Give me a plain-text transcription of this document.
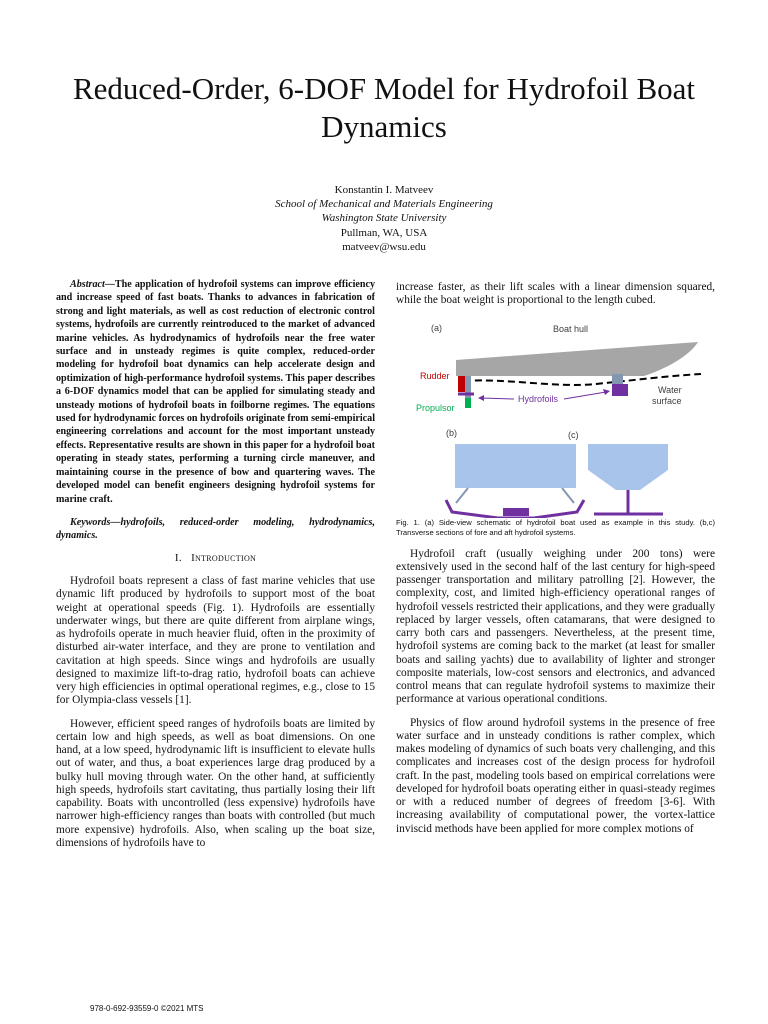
Reduced-Order, 6-DOF Model for Hydrofoil Boat
Dynamics
Konstantin I. Matveev
School of Mechanical and Materials Engineering
Washington State University
Pullman, WA, USA
matveev@wsu.edu

Abstract—The application of hydrofoil systems can improve efficiency and increase speed of fast boats. Thanks to advances in fabrication of strong and light materials, as well as cost reduction of electronic control systems, hydrofoils are currently reintroduced to the market of advanced marine vehicles. As hydrodynamics of hydrofoils near the free water surface and in unsteady regimes is quite complex, reduced-order modeling for hydrofoil boat dynamics can help accelerate design and optimization of high-performance hydrofoil systems. This paper describes a 6-DOF dynamics model that can be applied for simulating steady and unsteady motions of hydrofoil boats in foilborne regimes. The equations used for hydrodynamic forces on hydrofoils originate from semi-empirical engineering correlations and account for the most important unsteady effects. Representative results are shown in this paper for a hydrofoil boat operating in steady states, performing a turning circle maneuver, and maintaining course in the presence of bow and quartering waves. The developed model can benefit engineers designing hydrofoil systems for marine craft.

Keywords—hydrofoils, reduced-order modeling, hydrodynamics, dynamics.

I. Introduction

Hydrofoil boats represent a class of fast marine vehicles that use dynamic lift produced by hydrofoils to support most of the boat weight at operational speeds (Fig. 1). Hydrofoils are essentially underwater wings, but there are quite different from airplane wings, as hydrofoils operate in much heavier fluid, often in the proximity of disturbed air-water interface, and they are prone to ventilation and cavitation at high speeds. Since wings and hydrofoils are usually designed to maximize lift-to-drag ratio, hydrofoil boats can achieve very high efficiencies in optimal operational regimes, e.g., close to 15 for Olympia-class vessels [1].

However, efficient speed ranges of hydrofoils boats are limited by certain low and high speeds, as well as boat dimensions. On one hand, at a low speed, hydrodynamic lift is insufficient to elevate hulls out of water, and thus, a boat experiences large drag produced by a bulky hull moving through water. On the other hand, at sufficiently high speeds, hydrofoils start cavitating, thus partially losing their lift capability. Boats with uncontrolled (less expensive) hydrofoils have narrower high-efficiency ranges than boats with controlled (but much more expensive) hydrofoils. Also, when scaling up the boat size, dimensions of hydrofoils have to

increase faster, as their lift scales with a linear dimension squared, while the boat weight is proportional to the length cubed.

(a)	Boat hull
Rudder
Propulsor
Hydrofoils
Water
surface
(b)	(c)

Fig. 1. (a) Side-view schematic of hydrofoil boat used as example in this study. (b,c) Transverse sections of fore and aft hydrofoil systems.

Hydrofoil craft (usually weighing under 200 tons) were extensively used in the second half of the last century for high-speed passenger transportation and military patrolling [2]. However, the complexity, cost, and limited high-efficiency operational ranges of hydrofoil vessels restricted their applications, and they were gradually replaced by larger vessels, often catamarans, that were designed to carry both cars and passengers. Nevertheless, at the present time, hydrofoil systems are coming back to the market (at least for smaller boats and sailing yachts) due to availability of lighter and stronger composite materials, low-cost sensors and electronics, and advanced control means that can regulate hydrofoil systems to maximize their performance at various operational conditions.

Physics of flow around hydrofoil systems in the presence of free water surface and in unsteady conditions is rather complex, which makes modeling of dynamics of such boats very challenging, and this complicates and increases cost of the design process for hydrofoil craft. In the past, modeling tools based on empirical correlations were developed for hydrofoil boats operating either in quasi-steady regimes or with a reduced number of degrees of freedom [3-6]. With increasing availability of computational power, the vortex-lattice inviscid methods have been applied for more complex motions of

978-0-692-93559-0 ©2021 MTS
